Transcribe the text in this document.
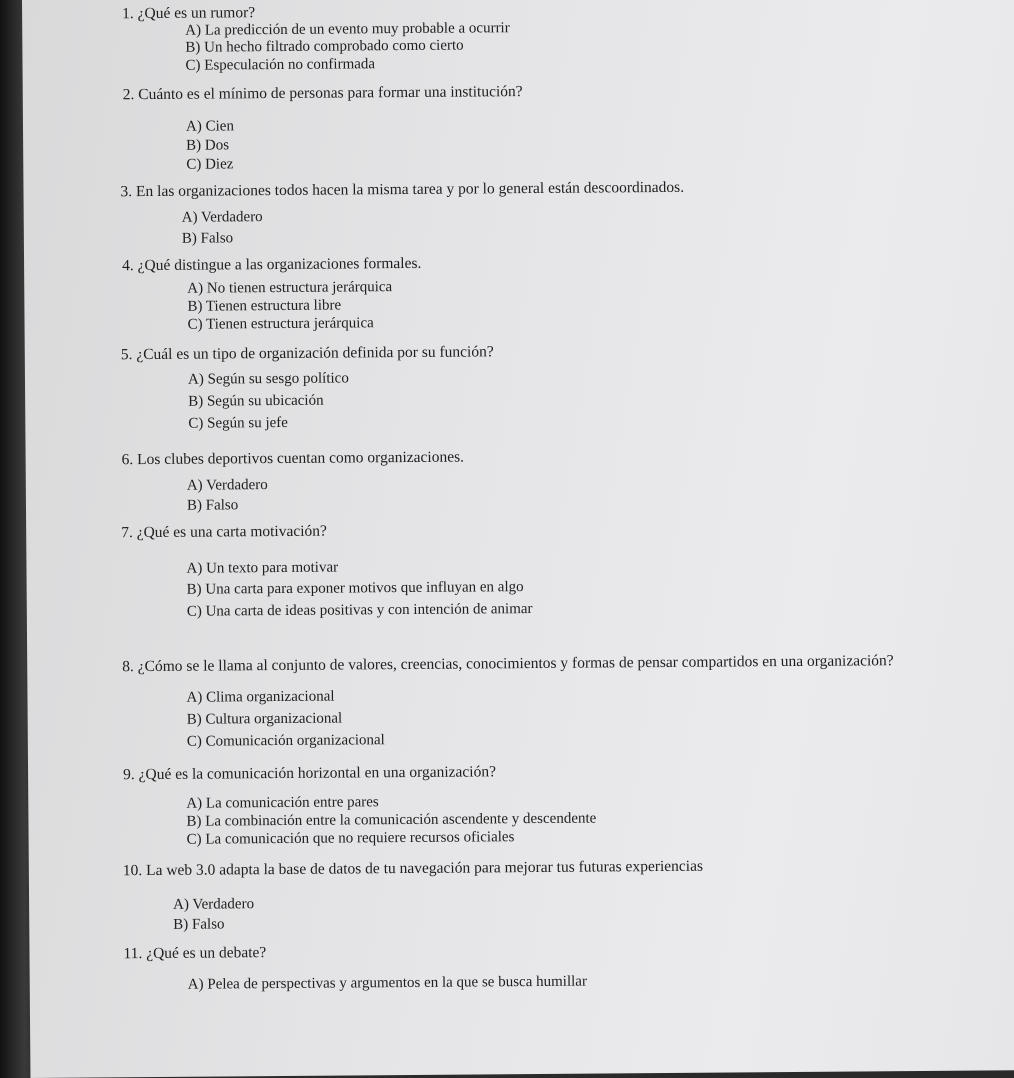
1. ¿Qué es un rumor?
A) La predicción de un evento muy probable a ocurrir
B) Un hecho filtrado comprobado como cierto
C) Especulación no confirmada
2. Cuánto es el mínimo de personas para formar una institución?
A) Cien
B) Dos
C) Diez
3. En las organizaciones todos hacen la misma tarea y por lo general están descoordinados.
A) Verdadero
B) Falso
4. ¿Qué distingue a las organizaciones formales.
A) No tienen estructura jerárquica
B) Tienen estructura libre
C) Tienen estructura jerárquica
5. ¿Cuál es un tipo de organización definida por su función?
A) Según su sesgo político
B) Según su ubicación
C) Según su jefe
6. Los clubes deportivos cuentan como organizaciones.
A) Verdadero
B) Falso
7. ¿Qué es una carta motivación?
A) Un texto para motivar
B) Una carta para exponer motivos que influyan en algo
C) Una carta de ideas positivas y con intención de animar
8. ¿Cómo se le llama al conjunto de valores, creencias, conocimientos y formas de pensar compartidos en una organización?
A) Clima organizacional
B) Cultura organizacional
C) Comunicación organizacional
9. ¿Qué es la comunicación horizontal en una organización?
A) La comunicación entre pares
B) La combinación entre la comunicación ascendente y descendente
C) La comunicación que no requiere recursos oficiales
10. La web 3.0 adapta la base de datos de tu navegación para mejorar tus futuras experiencias
A) Verdadero
B) Falso
11. ¿Qué es un debate?
A) Pelea de perspectivas y argumentos en la que se busca humillar
